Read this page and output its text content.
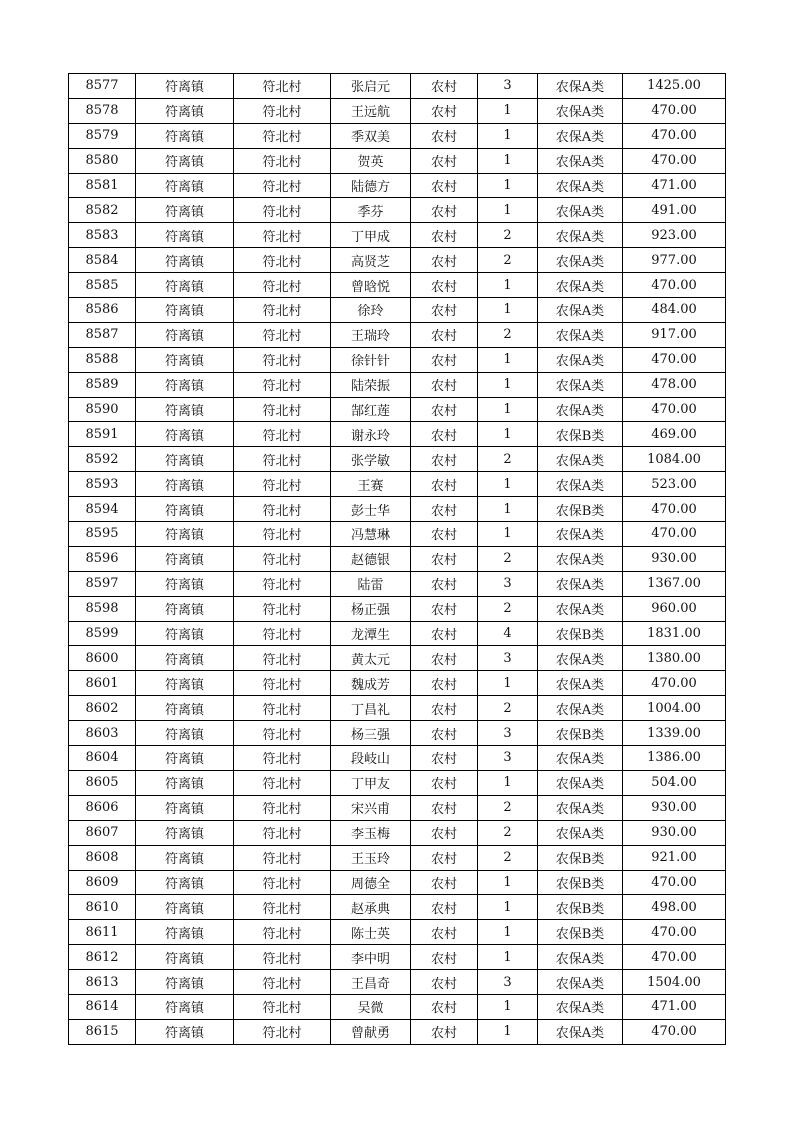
8577	符离镇	符北村	张启元	农村	3	农保A类	1425.00
8578	符离镇	符北村	王远航	农村	1	农保A类	470.00
8579	符离镇	符北村	季双美	农村	1	农保A类	470.00
8580	符离镇	符北村	贺英	农村	1	农保A类	470.00
8581	符离镇	符北村	陆德方	农村	1	农保A类	471.00
8582	符离镇	符北村	季芬	农村	1	农保A类	491.00
8583	符离镇	符北村	丁甲成	农村	2	农保A类	923.00
8584	符离镇	符北村	高贤芝	农村	2	农保A类	977.00
8585	符离镇	符北村	曾晗悦	农村	1	农保A类	470.00
8586	符离镇	符北村	徐玲	农村	1	农保A类	484.00
8587	符离镇	符北村	王瑞玲	农村	2	农保A类	917.00
8588	符离镇	符北村	徐针针	农村	1	农保A类	470.00
8589	符离镇	符北村	陆荣振	农村	1	农保A类	478.00
8590	符离镇	符北村	郜红莲	农村	1	农保A类	470.00
8591	符离镇	符北村	谢永玲	农村	1	农保B类	469.00
8592	符离镇	符北村	张学敏	农村	2	农保A类	1084.00
8593	符离镇	符北村	王赛	农村	1	农保A类	523.00
8594	符离镇	符北村	彭士华	农村	1	农保B类	470.00
8595	符离镇	符北村	冯慧琳	农村	1	农保A类	470.00
8596	符离镇	符北村	赵德银	农村	2	农保A类	930.00
8597	符离镇	符北村	陆雷	农村	3	农保A类	1367.00
8598	符离镇	符北村	杨正强	农村	2	农保A类	960.00
8599	符离镇	符北村	龙潭生	农村	4	农保B类	1831.00
8600	符离镇	符北村	黄太元	农村	3	农保A类	1380.00
8601	符离镇	符北村	魏成芳	农村	1	农保A类	470.00
8602	符离镇	符北村	丁昌礼	农村	2	农保A类	1004.00
8603	符离镇	符北村	杨三强	农村	3	农保B类	1339.00
8604	符离镇	符北村	段岐山	农村	3	农保A类	1386.00
8605	符离镇	符北村	丁甲友	农村	1	农保A类	504.00
8606	符离镇	符北村	宋兴甫	农村	2	农保A类	930.00
8607	符离镇	符北村	李玉梅	农村	2	农保A类	930.00
8608	符离镇	符北村	王玉玲	农村	2	农保B类	921.00
8609	符离镇	符北村	周德全	农村	1	农保B类	470.00
8610	符离镇	符北村	赵承典	农村	1	农保B类	498.00
8611	符离镇	符北村	陈士英	农村	1	农保B类	470.00
8612	符离镇	符北村	李中明	农村	1	农保A类	470.00
8613	符离镇	符北村	王昌奇	农村	3	农保A类	1504.00
8614	符离镇	符北村	吴微	农村	1	农保A类	471.00
8615	符离镇	符北村	曾献勇	农村	1	农保A类	470.00
